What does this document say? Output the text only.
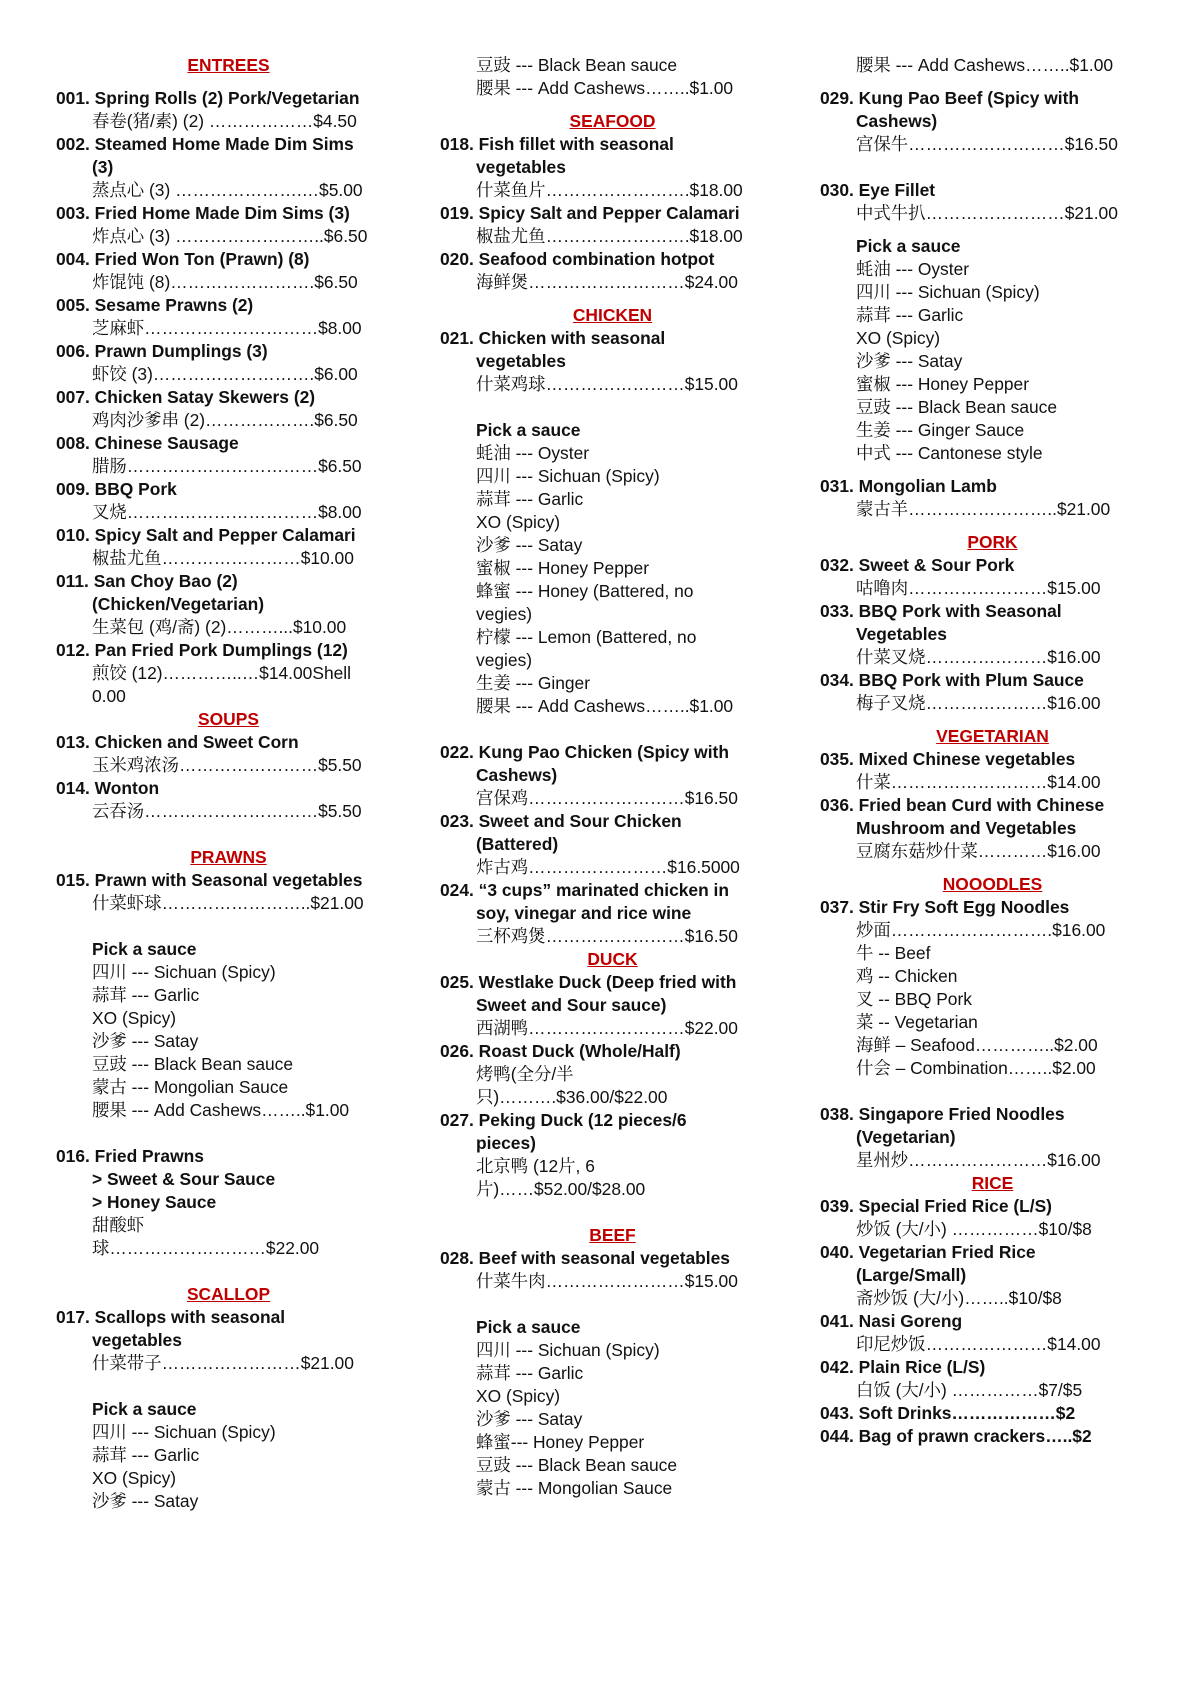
ENTREES
001. Spring Rolls (2) Pork/Vegetarian
春卷(猪/素) (2) ………………$4.50
002. Steamed Home Made Dim Sims
(3)
蒸点心 (3) ………………….…$5.00
003. Fried Home Made Dim Sims (3)
炸点心 (3) ……………………..$6.50
004. Fried Won Ton (Prawn) (8)
炸馄饨 (8)…………………….$6.50
005. Sesame Prawns (2)
芝麻虾…………………………$8.00
006. Prawn Dumplings (3)
虾饺 (3)……………………….$6.00
007. Chicken Satay Skewers (2)
鸡肉沙爹串 (2)……………….$6.50
008. Chinese Sausage
腊肠……………………………$6.50
009. BBQ Pork
叉烧……………………………$8.00
010. Spicy Salt and Pepper Calamari
椒盐尤鱼……………………$10.00
011. San Choy Bao (2)
(Chicken/Vegetarian)
生菜包 (鸡/斋) (2)………...$10.00
012. Pan Fried Pork Dumplings (12)
煎饺 (12)…………..…$14.00Shell
0.00
SOUPS
013. Chicken and Sweet Corn
玉米鸡浓汤……………………$5.50
014. Wonton
云吞汤…………………………$5.50
PRAWNS
015. Prawn with Seasonal vegetables
什菜虾球……………………..$21.00
Pick a sauce
四川 --- Sichuan (Spicy)
蒜茸 --- Garlic
XO (Spicy)
沙爹 --- Satay
豆豉 --- Black Bean sauce
蒙古 --- Mongolian Sauce
腰果 --- Add Cashews……..$1.00
016. Fried Prawns
> Sweet & Sour Sauce
> Honey Sauce
甜酸虾
球………………………$22.00
SCALLOP
017. Scallops with seasonal
vegetables
什菜带子……………………$21.00
Pick a sauce
四川 --- Sichuan (Spicy)
蒜茸 --- Garlic
XO (Spicy)
沙爹 --- Satay
豆豉 --- Black Bean sauce
腰果 --- Add Cashews……..$1.00
SEAFOOD
018. Fish fillet with seasonal
vegetables
什菜鱼片…………………….$18.00
019. Spicy Salt and Pepper Calamari
椒盐尤鱼…………………….$18.00
020. Seafood combination hotpot
海鲜煲………………………$24.00
CHICKEN
021. Chicken with seasonal
vegetables
什菜鸡球……………………$15.00
Pick a sauce
蚝油 --- Oyster
四川 --- Sichuan (Spicy)
蒜茸 --- Garlic
XO (Spicy)
沙爹 --- Satay
蜜椒 --- Honey Pepper
蜂蜜 --- Honey (Battered, no
vegies)
柠檬 --- Lemon (Battered, no
vegies)
生姜 --- Ginger
腰果 --- Add Cashews……..$1.00
022. Kung Pao Chicken (Spicy with
Cashews)
宫保鸡………………………$16.50
023. Sweet and Sour Chicken
(Battered)
炸古鸡……………………$16.5000
024. “3 cups” marinated chicken in
soy, vinegar and rice wine
三杯鸡煲……………………$16.50
DUCK
025. Westlake Duck (Deep fried with
Sweet and Sour sauce)
西湖鸭………………………$22.00
026. Roast Duck (Whole/Half)
烤鸭(全分/半
只)……….$36.00/$22.00
027. Peking Duck (12 pieces/6
pieces)
北京鸭 (12片, 6
片)……$52.00/$28.00
BEEF
028. Beef with seasonal vegetables
什菜牛肉……………………$15.00
Pick a sauce
四川 --- Sichuan (Spicy)
蒜茸 --- Garlic
XO (Spicy)
沙爹 --- Satay
蜂蜜--- Honey Pepper
豆豉 --- Black Bean sauce
蒙古 --- Mongolian Sauce
腰果 --- Add Cashews……..$1.00
029. Kung Pao Beef (Spicy with
Cashews)
宫保牛………………………$16.50
030. Eye Fillet
中式牛扒……………………$21.00
Pick a sauce
蚝油 --- Oyster
四川 --- Sichuan (Spicy)
蒜茸 --- Garlic
XO (Spicy)
沙爹 --- Satay
蜜椒 --- Honey Pepper
豆豉 --- Black Bean sauce
生姜 --- Ginger Sauce
中式 --- Cantonese style
031. Mongolian Lamb
蒙古羊……………………..$21.00
PORK
032. Sweet & Sour Pork
咕噜肉……………………$15.00
033. BBQ Pork with Seasonal
Vegetables
什菜叉烧…………………$16.00
034. BBQ Pork with Plum Sauce
梅子叉烧…………………$16.00
VEGETARIAN
035. Mixed Chinese vegetables
什菜………………………$14.00
036. Fried bean Curd with Chinese
Mushroom and Vegetables
豆腐东菇炒什菜…………$16.00
NOOODLES
037. Stir Fry Soft Egg Noodles
炒面……………………….$16.00
牛 -- Beef
鸡 -- Chicken
叉 -- BBQ Pork
菜 -- Vegetarian
海鲜 – Seafood…………..$2.00
什会 – Combination……..$2.00
038. Singapore Fried Noodles
(Vegetarian)
星州炒……………………$16.00
RICE
039. Special Fried Rice (L/S)
炒饭 (大/小) ……………$10/$8
040. Vegetarian Fried Rice
(Large/Small)
斋炒饭 (大/小)……..$10/$8
041. Nasi Goreng
印尼炒饭…………………$14.00
042. Plain Rice (L/S)
白饭 (大/小) ……………$7/$5
043. Soft Drinks………………$2
044. Bag of prawn crackers…..$2
